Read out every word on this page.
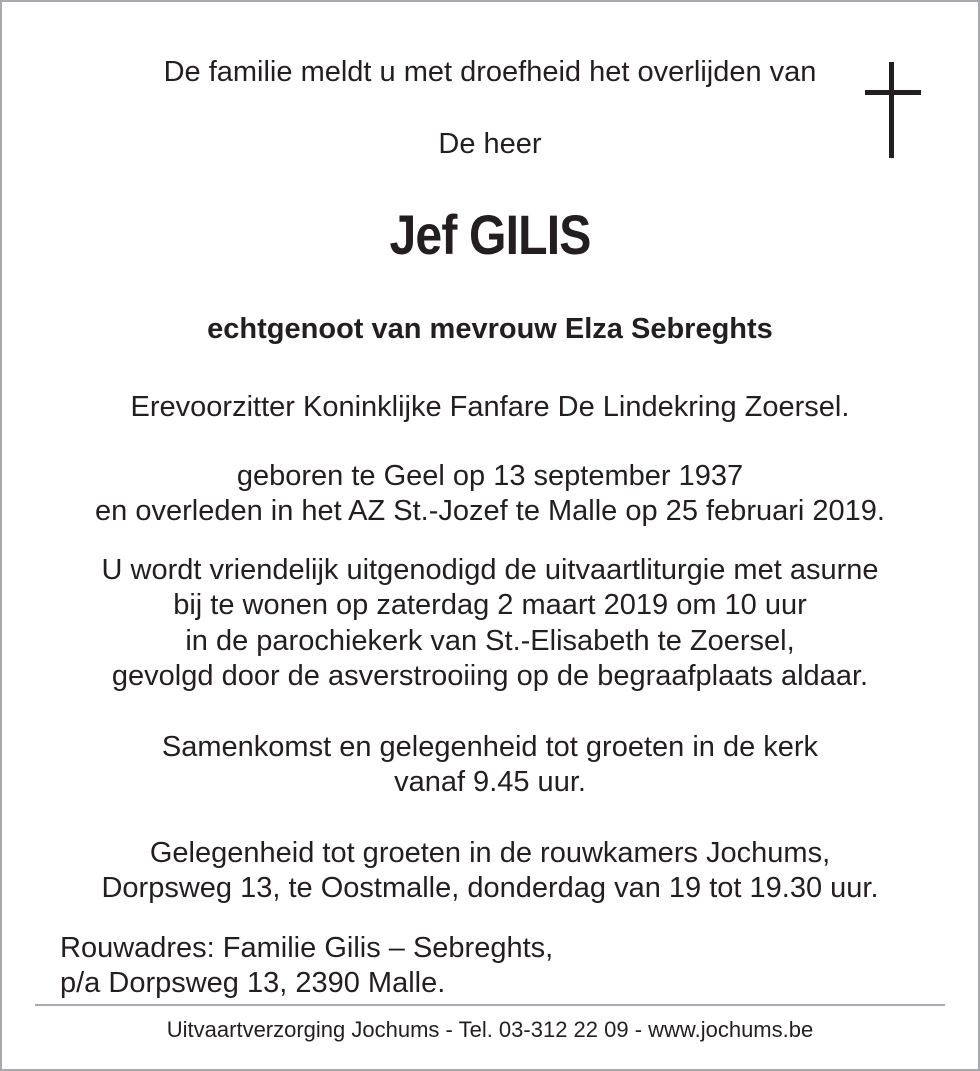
De familie meldt u met droefheid het overlijden van
De heer
Jef GILIS
echtgenoot van mevrouw Elza Sebreghts
Erevoorzitter Koninklijke Fanfare De Lindekring Zoersel.
geboren te Geel op 13 september 1937
en overleden in het AZ St.-Jozef te Malle op 25 februari 2019.
U wordt vriendelijk uitgenodigd de uitvaartliturgie met asurne
bij te wonen op zaterdag 2 maart 2019 om 10 uur
in de parochiekerk van St.-Elisabeth te Zoersel,
gevolgd door de asverstrooiing op de begraafplaats aldaar.
Samenkomst en gelegenheid tot groeten in de kerk
vanaf 9.45 uur.
Gelegenheid tot groeten in de rouwkamers Jochums,
Dorpsweg 13, te Oostmalle, donderdag van 19 tot 19.30 uur.
Rouwadres: Familie Gilis – Sebreghts,
p/a Dorpsweg 13, 2390 Malle.
Uitvaartverzorging Jochums - Tel. 03-312 22 09 - www.jochums.be
